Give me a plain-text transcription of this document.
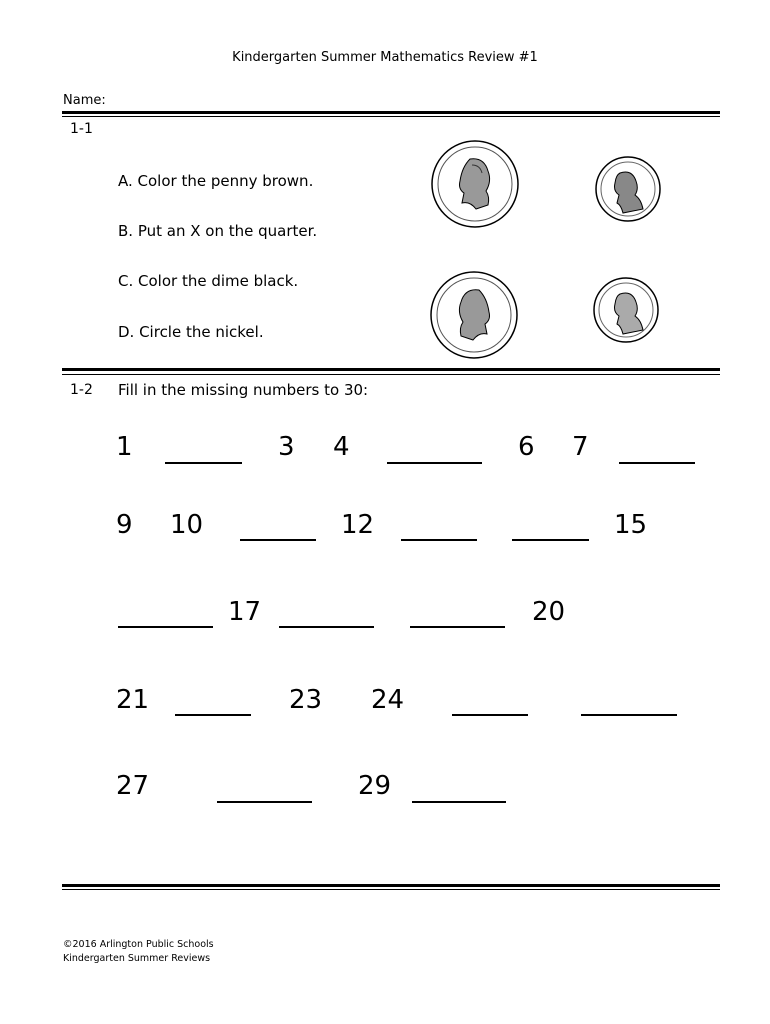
Kindergarten Summer Mathematics Review #1
Name:
1-1
A. Color the penny brown.
B. Put an X on the quarter.
C. Color the dime black.
D. Circle the nickel.
1-2 Fill in the missing numbers to 30:
1	3 4	6 7
9 10	12	15
17	20
21	23 24
27	29
©2016 Arlington Public Schools
Kindergarten Summer Reviews
